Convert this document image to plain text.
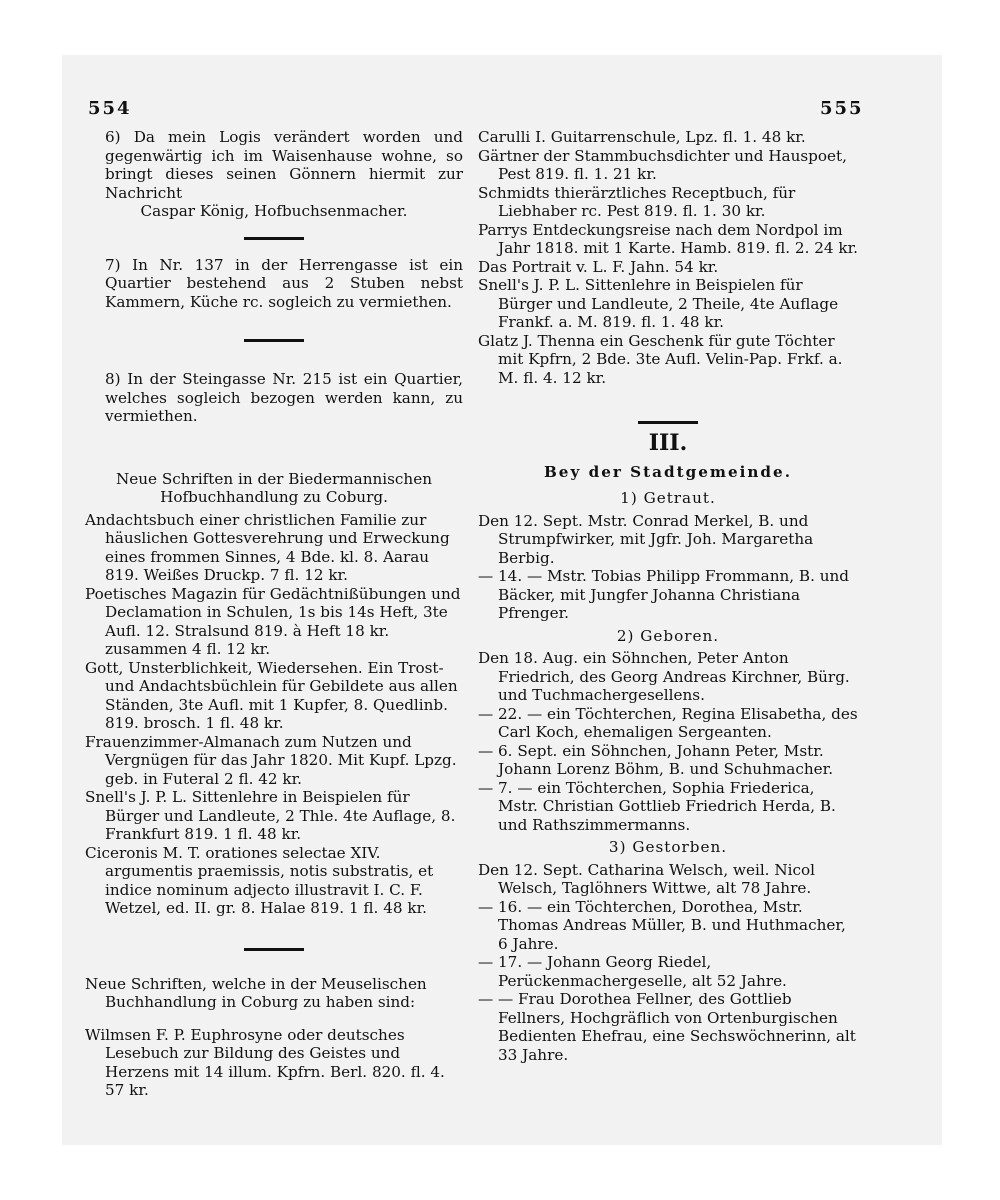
554	555

6) Da mein Logis verändert worden und gegenwärtig ich im Waisenhause wohne, so bringt dieses seinen Gönnern hiermit zur Nachricht

Caspar König, Hofbuchsenmacher.

7) In Nr. 137 in der Herrengasse ist ein Quartier bestehend aus 2 Stuben nebst Kammern, Küche rc. sogleich zu vermiethen.

8) In der Steingasse Nr. 215 ist ein Quartier, welches sogleich bezogen werden kann, zu vermiethen.

Neue Schriften in der Biedermannischen Hofbuchhandlung zu Coburg.

Andachtsbuch einer christlichen Familie zur häuslichen Gottesverehrung und Erweckung eines frommen Sinnes, 4 Bde. kl. 8. Aarau 819. Weißes Druckp. 7 fl. 12 kr.

Poetisches Magazin für Gedächtnißübungen und Declamation in Schulen, 1s bis 14s Heft, 3te Aufl. 12. Stralsund 819. à Heft 18 kr. zusammen 4 fl. 12 kr.

Gott, Unsterblichkeit, Wiedersehen. Ein Trost- und Andachtsbüchlein für Gebildete aus allen Ständen, 3te Aufl. mit 1 Kupfer, 8. Quedlinb. 819. brosch. 1 fl. 48 kr.

Frauenzimmer-Almanach zum Nutzen und Vergnügen für das Jahr 1820. Mit Kupf. Lpzg. geb. in Futeral 2 fl. 42 kr.

Snell's J. P. L. Sittenlehre in Beispielen für Bürger und Landleute, 2 Thle. 4te Auflage, 8. Frankfurt 819. 1 fl. 48 kr.

Ciceronis M. T. orationes selectae XIV. argumentis praemissis, notis substratis, et indice nominum adjecto illustravit I. C. F. Wetzel, ed. II. gr. 8. Halae 819. 1 fl. 48 kr.

Neue Schriften, welche in der Meuselischen Buchhandlung in Coburg zu haben sind:

Wilmsen F. P. Euphrosyne oder deutsches Lesebuch zur Bildung des Geistes und Herzens mit 14 illum. Kpfrn. Berl. 820. fl. 4. 57 kr.

Carulli I. Guitarrenschule, Lpz. fl. 1. 48 kr.

Gärtner der Stammbuchsdichter und Hauspoet, Pest 819. fl. 1. 21 kr.

Schmidts thierärztliches Receptbuch, für Liebhaber rc. Pest 819. fl. 1. 30 kr.

Parrys Entdeckungsreise nach dem Nordpol im Jahr 1818. mit 1 Karte. Hamb. 819. fl. 2. 24 kr.

Das Portrait v. L. F. Jahn. 54 kr.

Snell's J. P. L. Sittenlehre in Beispielen für Bürger und Landleute, 2 Theile, 4te Auflage Frankf. a. M. 819. fl. 1. 48 kr.

Glatz J. Thenna ein Geschenk für gute Töchter mit Kpfrn, 2 Bde. 3te Aufl. Velin-Pap. Frkf. a. M. fl. 4. 12 kr.

III.
Bey der Stadtgemeinde.
1) Getraut.

Den 12. Sept. Mstr. Conrad Merkel, B. und Strumpfwirker, mit Jgfr. Joh. Margaretha Berbig.

— 14. — Mstr. Tobias Philipp Frommann, B. und Bäcker, mit Jungfer Johanna Christiana Pfrenger.

2) Geboren.

Den 18. Aug. ein Söhnchen, Peter Anton Friedrich, des Georg Andreas Kirchner, Bürg. und Tuchmachergesellens.

— 22. — ein Töchterchen, Regina Elisabetha, des Carl Koch, ehemaligen Sergeanten.

— 6. Sept. ein Söhnchen, Johann Peter, Mstr. Johann Lorenz Böhm, B. und Schuhmacher.

— 7. — ein Töchterchen, Sophia Friederica, Mstr. Christian Gottlieb Friedrich Herda, B. und Rathszimmermanns.

3) Gestorben.

Den 12. Sept. Catharina Welsch, weil. Nicol Welsch, Taglöhners Wittwe, alt 78 Jahre.

— 16. — ein Töchterchen, Dorothea, Mstr. Thomas Andreas Müller, B. und Huthmacher, 6 Jahre.

— 17. — Johann Georg Riedel, Perückenmachergeselle, alt 52 Jahre.

— — Frau Dorothea Fellner, des Gottlieb Fellners, Hochgräflich von Ortenburgischen Bedienten Ehefrau, eine Sechswöchnerinn, alt 33 Jahre.
